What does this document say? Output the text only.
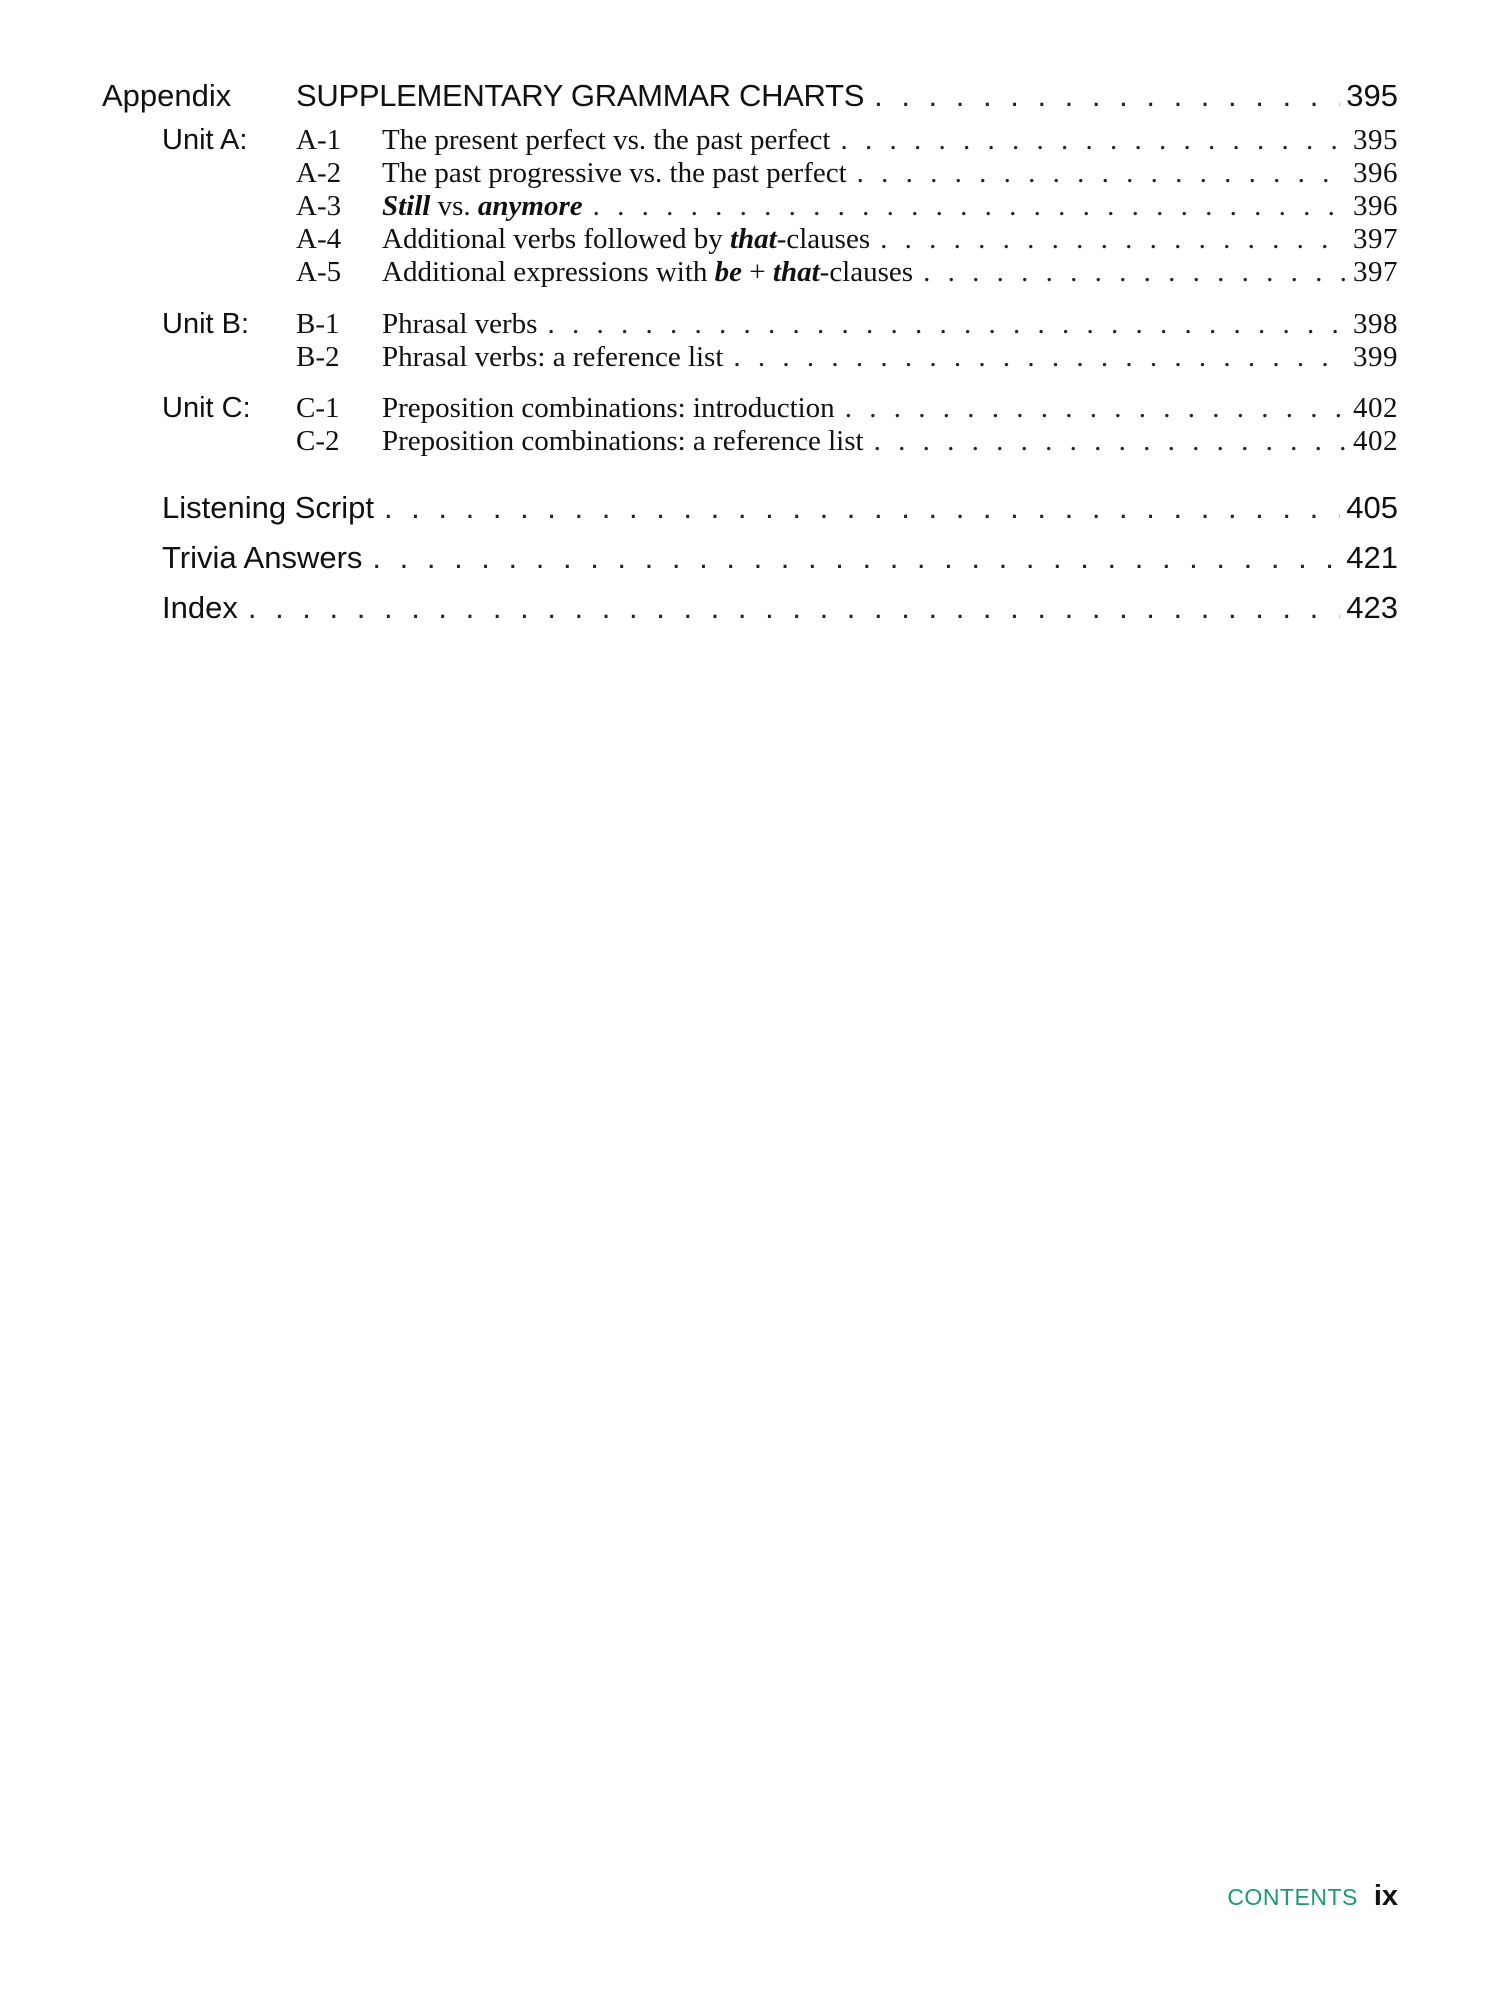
Appendix	SUPPLEMENTARY GRAMMAR CHARTS . . .	395
Unit A: A-1	The present perfect vs. the past perfect . . .	395
A-2	The past progressive vs. the past perfect . . .	396
A-3	Still vs. anymore . . .	396
A-4	Additional verbs followed by that-clauses . . .	397
A-5	Additional expressions with be + that-clauses . . .	397
Unit B: B-1	Phrasal verbs . . .	398
B-2	Phrasal verbs: a reference list . . .	399
Unit C: C-1	Preposition combinations: introduction . . .	402
C-2	Preposition combinations: a reference list . . .	402
Listening Script . . .	405
Trivia Answers . . .	421
Index . . .	423
CONTENTS ix
